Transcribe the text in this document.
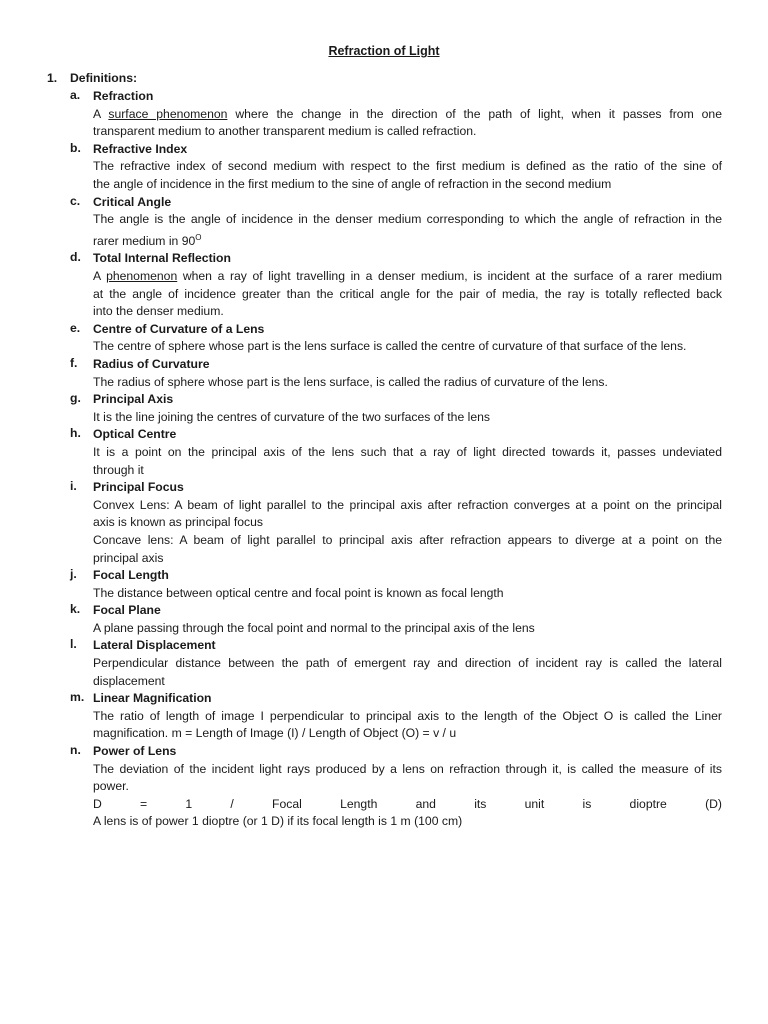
Refraction of Light
1. Definitions:
a.	Refraction
A surface phenomenon where the change in the direction of the path of light, when it passes from one
transparent medium to another transparent medium is called refraction.
b. Refractive Index
The refractive index of second medium with respect to the first medium is defined as the ratio of the sine of
the angle of incidence in the first medium to the sine of angle of refraction in the second medium
c.	Critical Angle
The angle is the angle of incidence in the denser medium corresponding to which the angle of refraction in the
rarer medium in $90^O$
d. Total Internal Reflection
A phenomenon when a ray of light travelling in a denser medium, is incident at the surface of a rarer medium
at the angle of incidence greater than the critical angle for the pair of media, the ray is totally reflected back
into the denser medium.
e.	Centre of Curvature of a Lens
The centre of sphere whose part is the lens surface is called the centre of curvature of that surface of the lens.
f.	Radius of Curvature
The radius of sphere whose part is the lens surface, is called the radius of curvature of the lens.
g. Principal Axis
It is the line joining the centres of curvature of the two surfaces of the lens
h. Optical Centre
It is a point on the principal axis of the lens such that a ray of light directed towards it, passes undeviated
through it
i.	Principal Focus
Convex Lens: A beam of light parallel to the principal axis after refraction converges at a point on the principal
axis is known as principal focus
Concave lens: A beam of light parallel to principal axis after refraction appears to diverge at a point on the
principal axis
j.	Focal Length
The distance between optical centre and focal point is known as focal length
k.	Focal Plane
A plane passing through the focal point and normal to the principal axis of the lens
l.	Lateral Displacement
Perpendicular distance between the path of emergent ray and direction of incident ray is called the lateral
displacement
m. Linear Magnification
The ratio of length of image I perpendicular to principal axis to the length of the Object O is called the Liner
magnification. m = Length of Image (I) / Length of Object (O) = v / u
n. Power of Lens
The deviation of the incident light rays produced by a lens on refraction through it, is called the measure of its
power.
D = 1 / Focal Length and its unit is dioptre (D)
A lens is of power 1 dioptre (or 1 D) if its focal length is 1 m (100 cm)
